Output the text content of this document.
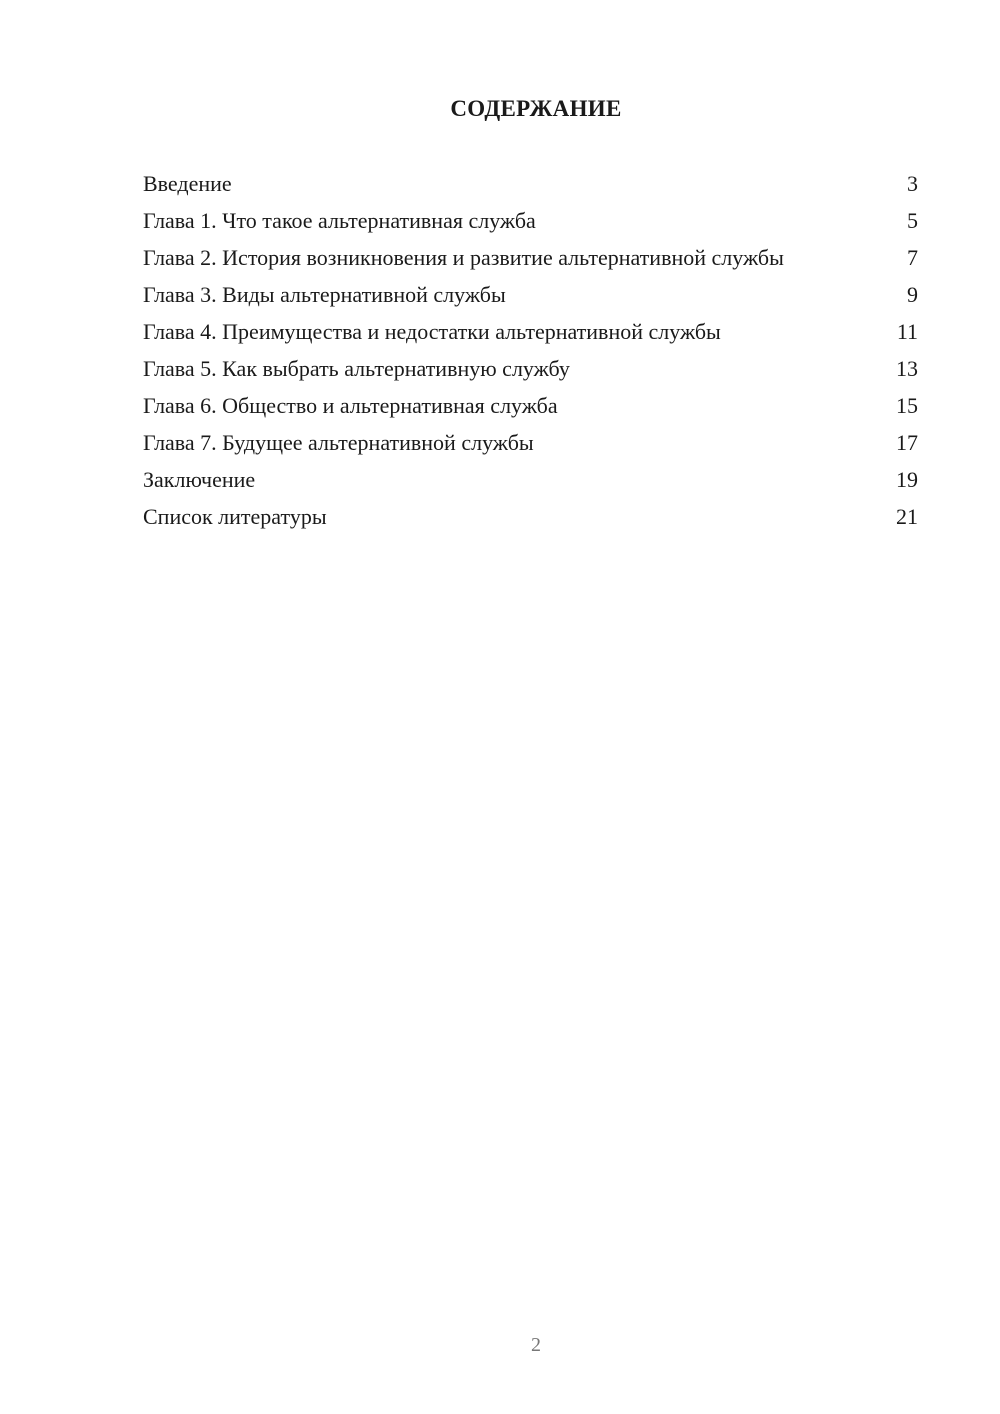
СОДЕРЖАНИЕ
Введение	3
Глава 1. Что такое альтернативная служба	5
Глава 2. История возникновения и развитие альтернативной службы	7
Глава 3. Виды альтернативной службы	9
Глава 4. Преимущества и недостатки альтернативной службы	11
Глава 5. Как выбрать альтернативную службу	13
Глава 6. Общество и альтернативная служба	15
Глава 7. Будущее альтернативной службы	17
Заключение	19
Список литературы	21
2
